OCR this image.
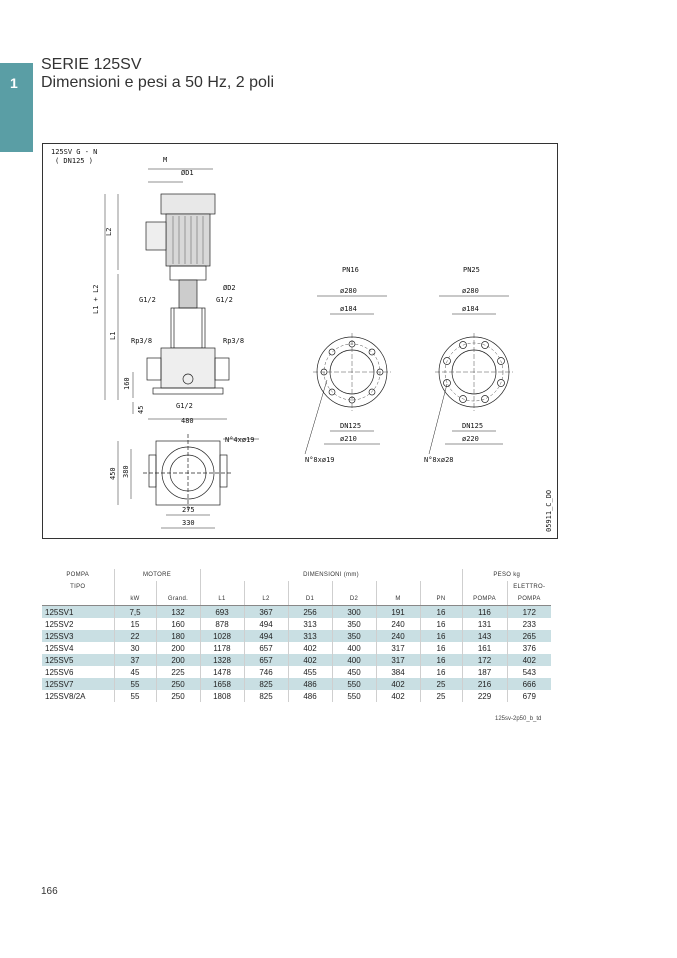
1
SERIE 125SV
Dimensioni e pesi a 50 Hz, 2 poli
125SV G - N
( DN125 )
L2
L1 + L2
L1
160
45
M
ØD1
ØD2
G1/2	G1/2
Rp3/8	Rp3/8
G1/2
480
N°4xø19
450 380
275
330
PN16
ø280
ø184
DN125
ø210
N°8xø19
PN25
ø280
ø184
DN125
ø220
N°8xø28
05911_C_DO
POMPA	MOTORE		DIMENSIONI (mm)						PESO kg	
TIPO										ELETTRO-
	kW	Grand.	L1	L2	D1	D2	M	PN	POMPA	POMPA
125SV1	7,5	132	693	367	256	300	191	16	116	172
125SV2	15	160	878	494	313	350	240	16	131	233
125SV3	22	180	1028	494	313	350	240	16	143	265
125SV4	30	200	1178	657	402	400	317	16	161	376
125SV5	37	200	1328	657	402	400	317	16	172	402
125SV6	45	225	1478	746	455	450	384	16	187	543
125SV7	55	250	1658	825	486	550	402	25	216	666
125SV8/2A	55	250	1808	825	486	550	402	25	229	679
125sv-2p50_b_td
166
